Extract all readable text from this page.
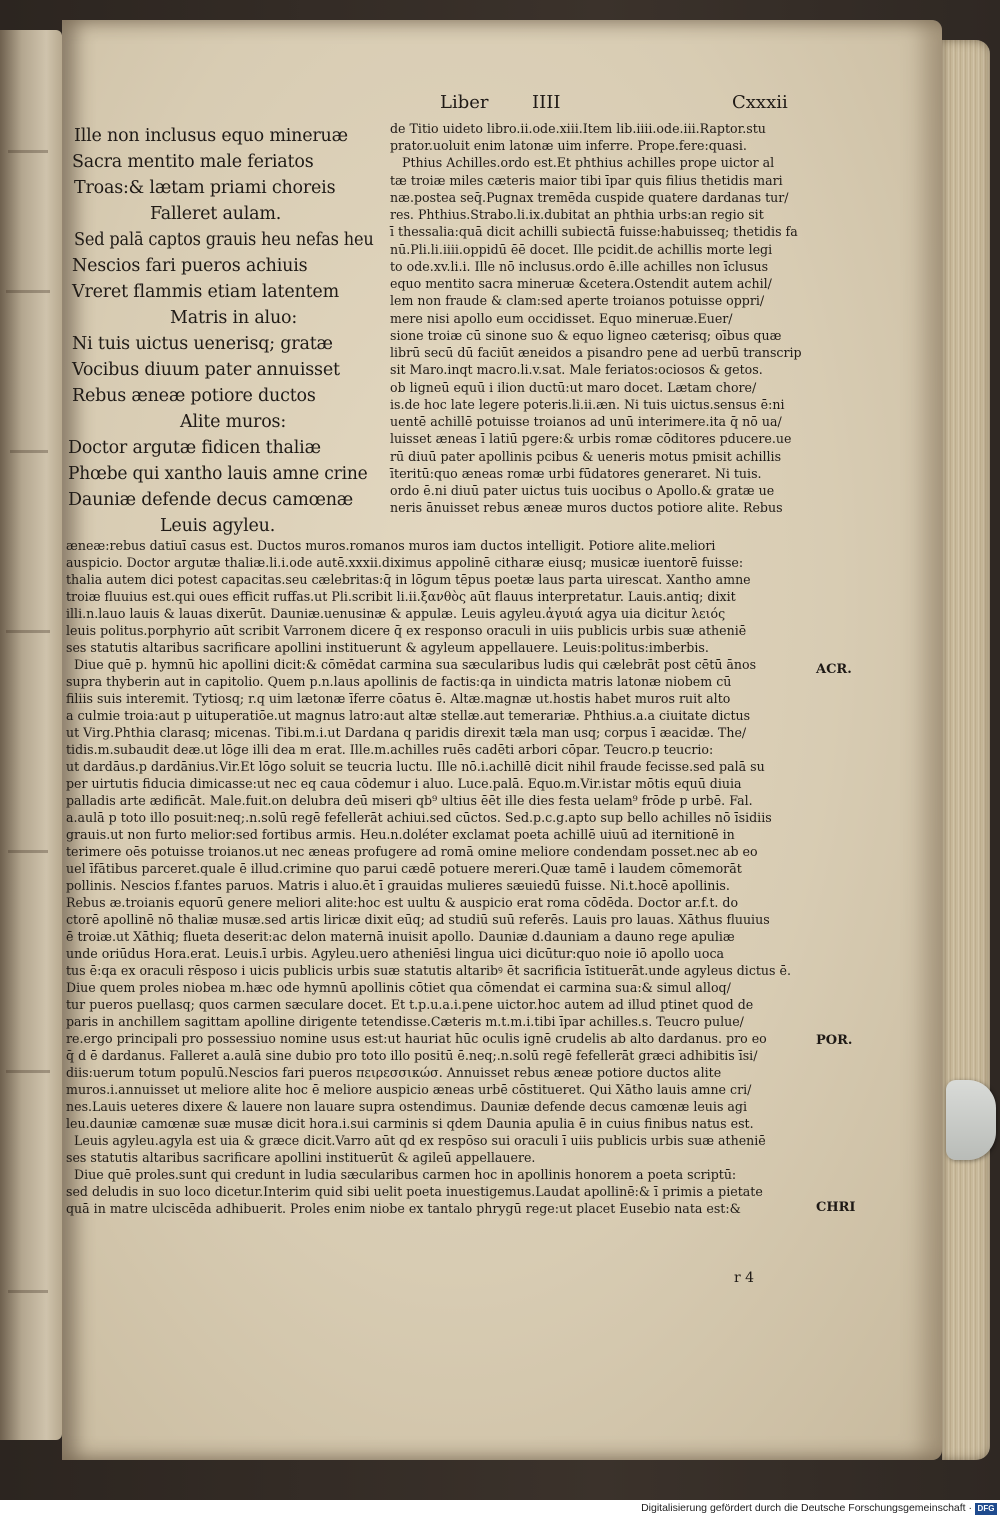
Liber IIII	Cxxxii
Ille non inclusus equo mineruæ
Sacra mentito male feriatos
Troas:& lætam priami choreis
Falleret aulam.
Sed palā captos grauis heu nefas heu
Nescios fari pueros achiuis
Vreret flammis etiam latentem
Matris in aluo:
Ni tuis uictus uenerisq; gratæ
Vocibus diuum pater annuisset
Rebus æneæ potiore ductos
Alite muros:
Doctor argutæ fidicen thaliæ
Phœbe qui xantho lauis amne crine
Dauniæ defende decus camœnæ
Leuis agyleu.
de Titio uideto libro.ii.ode.xiii.Item lib.iiii.ode.iii.Raptor.stu
prator.uoluit enim latonæ uim inferre. Prope.fere:quasi.
Pthius Achilles.ordo est.Et phthius achilles prope uictor al
tæ troiæ miles cæteris maior tibi īpar quis filius thetidis mari
næ.postea seq̄.Pugnax tremēda cuspide quatere dardanas tur/
res. Phthius.Strabo.li.ix.dubitat an phthia urbs:an regio sit
ī thessalia:quā dicit achilli subiectā fuisse:habuisseq; thetidis fa
nū.Pli.li.iiii.oppidū ēē docet. Ille pcidit.de achillis morte legi
to ode.xv.li.i. Ille nō inclusus.ordo ē.ille achilles non īclusus
equo mentito sacra mineruæ &cetera.Ostendit autem achil/
lem non fraude & clam:sed aperte troianos potuisse oppri/
mere nisi apollo eum occidisset. Equo mineruæ.Euer/
sione troiæ cū sinone suo & equo ligneo cæterisq; oībus quæ
librū secū dū faciūt æneidos a pisandro pene ad uerbū transcrip
sit Maro.inqt macro.li.v.sat. Male feriatos:ociosos & getos.
ob ligneū equū i ilion ductū:ut maro docet. Lætam chore/
is.de hoc late legere poteris.li.ii.æn. Ni tuis uictus.sensus ē:ni
uentē achillē potuisse troianos ad unū interimere.ita q̄ nō ua/
luisset æneas ī latiū pgere:& urbis romæ cōditores pducere.ue
rū diuū pater apollinis pcibus & ueneris motus pmisit achillis
īteritū:quo æneas romæ urbi fūdatores generaret. Ni tuis.
ordo ē.ni diuū pater uictus tuis uocibus o Apollo.& gratæ ue
neris ānuisset rebus æneæ muros ductos potiore alite. Rebus
æneæ:rebus datiuī casus est. Ductos muros.romanos muros iam ductos intelligit. Potiore alite.meliori
auspicio. Doctor argutæ thaliæ.li.i.ode autē.xxxii.diximus appolinē citharæ eiusq; musicæ iuentorē fuisse:
thalia autem dici potest capacitas.seu cælebritas:q̄ in lōgum tēpus poetæ laus parta uirescat. Xantho amne
troiæ fluuius est.qui oues efficit ruffas.ut Pli.scribit li.ii.ξανθὸς aūt flauus interpretatur. Lauis.antiq; dixit
illi.n.lauo lauis & lauas dixerūt. Dauniæ.uenusinæ & appulæ. Leuis agyleu.ἀγυιά agya uia dicitur λειός
leuis politus.porphyrio aūt scribit Varronem dicere q̄ ex responso oraculi in uiis publicis urbis suæ atheniē
ses statutis altaribus sacrificare apollini instituerunt & agyleum appellauere. Leuis:politus:imberbis.
Diue quē p. hymnū hic apollini dicit:& cōmēdat carmina sua sæcularibus ludis qui cælebrāt post cētū ānos
supra thyberin aut in capitolio. Quem p.n.laus apollinis de factis:qa in uindicta matris latonæ niobem cū
filiis suis interemit. Tytiosq; r.q uim lætonæ īferre cōatus ē. Altæ.magnæ ut.hostis habet muros ruit alto
a culmie troia:aut p uituperatiōe.ut magnus latro:aut altæ stellæ.aut temerariæ. Phthius.a.a ciuitate dictus
ut Virg.Phthia clarasq; micenas. Tibi.m.i.ut Dardana q paridis direxit tæla man usq; corpus ī æacidæ. The/
tidis.m.subaudit deæ.ut lōge illi dea m erat. Ille.m.achilles ruēs cadēti arbori cōpar. Teucro.p teucrio:
ut dardāus.p dardānius.Vir.Et lōgo soluit se teucria luctu. Ille nō.i.achillē dicit nihil fraude fecisse.sed palā su
per uirtutis fiducia dimicasse:ut nec eq caua cōdemur i aluo. Luce.palā. Equo.m.Vir.istar mōtis equū diuia
palladis arte ædificāt. Male.fuit.on delubra deū miseri qb⁹ ultius ēēt ille dies festa uelam⁹ frōde p urbē. Fal.
a.aulā p toto illo posuit:neq;.n.solū regē fefellerāt achiui.sed cūctos. Sed.p.c.g.apto sup bello achilles nō īsidiis
grauis.ut non furto melior:sed fortibus armis. Heu.n.doléter exclamat poeta achillē uiuū ad iternitionē in
terimere oēs potuisse troianos.ut nec æneas profugere ad romā omine meliore condendam posset.nec ab eo
uel īfātibus parceret.quale ē illud.crimine quo parui cædē potuere mereri.Quæ tamē i laudem cōmemorāt
pollinis. Nescios f.fantes paruos. Matris i aluo.ēt ī grauidas mulieres sæuiedū fuisse. Ni.t.hocē apollinis.
Rebus æ.troianis equorū genere meliori alite:hoc est uultu & auspicio erat roma cōdēda. Doctor ar.f.t. do
ctorē apollinē nō thaliæ musæ.sed artis liricæ dixit eūq; ad studiū suū referēs. Lauis pro lauas. Xāthus fluuius
ē troiæ.ut Xāthiq; flueta deserit:ac delon maternā inuisit apollo. Dauniæ d.dauniam a dauno rege apuliæ
unde oriūdus Hora.erat. Leuis.ī urbis. Agyleu.uero atheniēsi lingua uici dicūtur:quo noie iō apollo uoca
tus ē:qa ex oraculi rēsposo i uicis publicis urbis suæ statutis altaribꝰ ēt sacrificia īstituerāt.unde agyleus dictus ē.
Diue quem proles niobea m.hæc ode hymnū apollinis cōtiet qua cōmendat ei carmina sua:& simul alloq/
tur pueros puellasq; quos carmen sæculare docet. Et t.p.u.a.i.pene uictor.hoc autem ad illud ptinet quod de
paris in anchillem sagittam apolline dirigente tetendisse.Cæteris m.t.m.i.tibi īpar achilles.s. Teucro pulue/
re.ergo principali pro possessiuo nomine usus est:ut hauriat hūc oculis ignē crudelis ab alto dardanus. pro eo
q̄ d ē dardanus. Falleret a.aulā sine dubio pro toto illo positū ē.neq;.n.solū regē fefellerāt græci adhibitis īsi/
diis:uerum totum populū.Nescios fari pueros πειρεσσικώσ. Annuisset rebus æneæ potiore ductos alite
muros.i.annuisset ut meliore alite hoc ē meliore auspicio æneas urbē cōstitueret. Qui Xātho lauis amne cri/
nes.Lauis ueteres dixere & lauere non lauare supra ostendimus. Dauniæ defende decus camœnæ leuis agi
leu.dauniæ camœnæ suæ musæ dicit hora.i.sui carminis si qdem Daunia apulia ē in cuius finibus natus est.
Leuis agyleu.agyla est uia & græce dicit.Varro aūt qd ex respōso sui oraculi ī uiis publicis urbis suæ atheniē
ses statutis altaribus sacrificare apollini instituerūt & agileū appellauere.
Diue quē proles.sunt qui credunt in ludia sæcularibus carmen hoc in apollinis honorem a poeta scriptū:
sed deludis in suo loco dicetur.Interim quid sibi uelit poeta inuestigemus.Laudat apollinē:& ī primis a pietate
quā in matre ulciscēda adhibuerit. Proles enim niobe ex tantalo phrygū rege:ut placet Eusebio nata est:&
ACR.
POR.
CHRI
r 4
Digitalisierung gefördert durch die Deutsche Forschungsgemeinschaft · DFG
